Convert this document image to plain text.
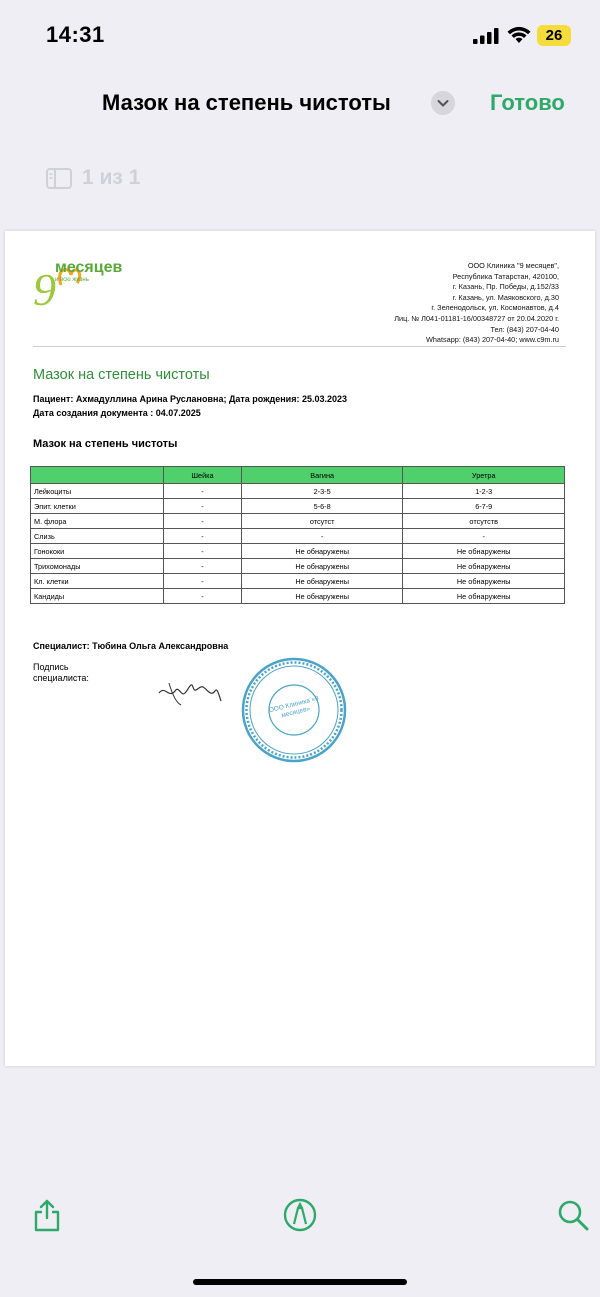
14:31	26
Мазок на степень чистоты	Готово
1 из 1
9 месяцев
и всю жизнь
ООО Клиника "9 месяцев",
Республика Татарстан, 420100,
г. Казань, Пр. Победы, д.152/33
г. Казань, ул. Маяковского, д.30
г. Зеленодольск, ул. Космонавтов, д.4
Лиц. № Л041-01181-16/00348727 от 20.04.2020 г.
Тел: (843) 207-04-40
Whatsapp: (843) 207-04-40; www.c9m.ru
Мазок на степень чистоты
Пациент: Ахмадуллина Арина Руслановна; Дата рождения: 25.03.2023
Дата создания документа : 04.07.2025
Мазок на степень чистоты
	Шейка	Вагина	Уретра
Лейкоциты	-	2-3-5	1-2-3
Эпит. клетки	-	5-6-8	6-7-9
М. флора	-	отсутст	отсутств
Слизь	-	-	-
Гонококи	-	Не обнаружены	Не обнаружены
Трихомонады	-	Не обнаружены	Не обнаружены
Кл. клетки	-	Не обнаружены	Не обнаружены
Кандиды	-	Не обнаружены	Не обнаружены
Специалист: Тюбина Ольга Александровна
Подпись специалиста:
ООО Клиника «9 месяцев»
